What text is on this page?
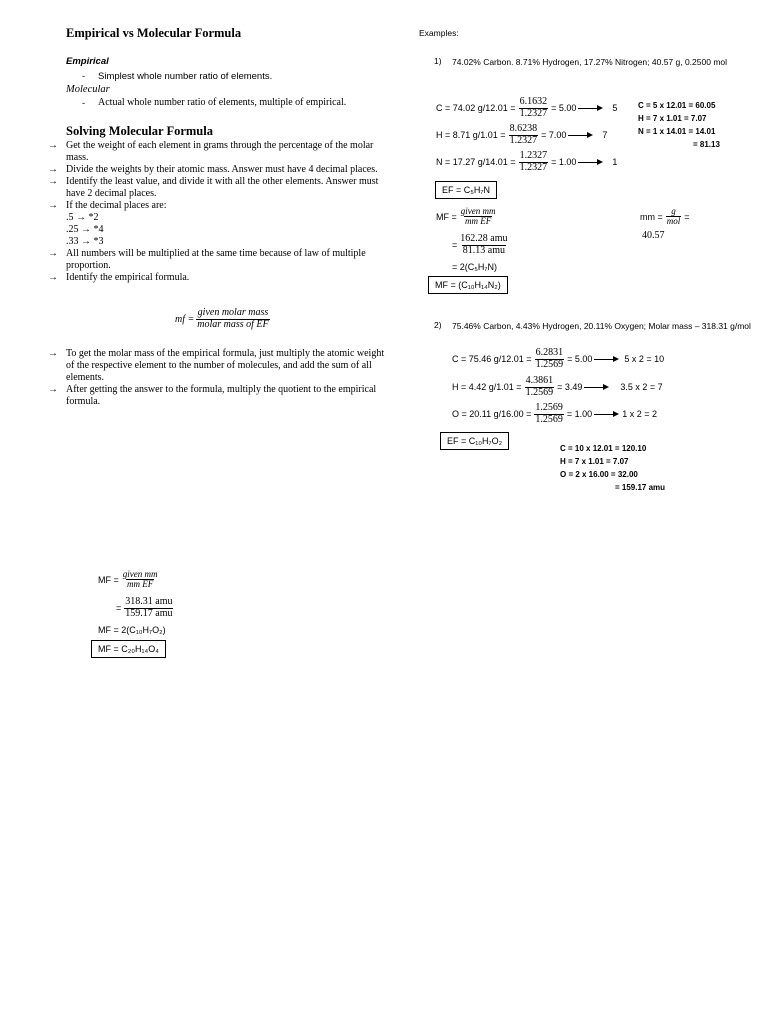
Empirical vs Molecular Formula
Empirical
- Simplest whole number ratio of elements.
Molecular
- Actual whole number ratio of elements, multiple of empirical.
Solving Molecular Formula
→ Get the weight of each element in grams through the percentage of the molar mass.
→ Divide the weights by their atomic mass. Answer must have 4 decimal places.
→ Identify the least value, and divide it with all the other elements. Answer must have 2 decimal places.
→ If the decimal places are:
.5 → *2
.25 → *4
.33 → *3
→ All numbers will be multiplied at the same time because of law of multiple proportion.
→ Identify the empirical formula.
mf = $\frac{\text{given molar mass}}{\text{molar mass of EF}}$
→ To get the molar mass of the empirical formula, just multiply the atomic weight of the respective element to the number of molecules, and add the sum of all elements.
→ After getting the answer to the formula, multiply the quotient to the empirical formula.
MF = $\frac{\text{given mm}}{\text{mm EF}}$
= $\frac{\text{318.31 amu}}{\text{159.17 amu}}$
MF = 2(C₁₀H₇O₂)
MF = C₂₀H₁₄O₄
Examples:
1) 74.02% Carbon. 8.71% Hydrogen, 17.27% Nitrogen; 40.57 g, 0.2500 mol
C = 74.02 $g/12.01 = \frac{6.1632}{1.2327} = 5.00$	5
H = 8.71 $g/1.01 = \frac{8.6238}{1.2327} = 7.00$	7
N = 17.27 $g/14.01 = \frac{1.2327}{1.2327} = 1.00$	1
C = 5 x 12.01 = 60.05
H = 7 x 1.01 = 7.07
N = 1 x 14.01 = 14.01
= 81.13
EF = C₅H₇N
MF = $\frac{\text{given mm}}{\text{mm EF}}$
= $\frac{\text{162.28 amu}}{\text{81.13 amu}}$
= 2(C₅H₇N)
MF = (C₁₀H₁₄N₂)
mm = $\frac{g}{\text{mol}}$ =
40.57
2) 75.46% Carbon, 4.43% Hydrogen, 20.11% Oxygen; Molar mass – 318.31 g/mol
C = 75.46 $g/12.01 = \frac{6.2831}{1.2569} = 5.00$	5 x 2 = 10
H = 4.42 $g/1.01 = \frac{4.3861}{1.2569} = 3.49$	3.5 x 2 = 7
O = 20.11 $g/16.00 = \frac{1.2569}{1.2569} = 1.00$	1 x 2 = 2
EF = C₁₀H₇O₂
C = 10 x 12.01 = 120.10
H = 7 x 1.01 = 7.07
O = 2 x 16.00 = 32.00
= 159.17 amu
